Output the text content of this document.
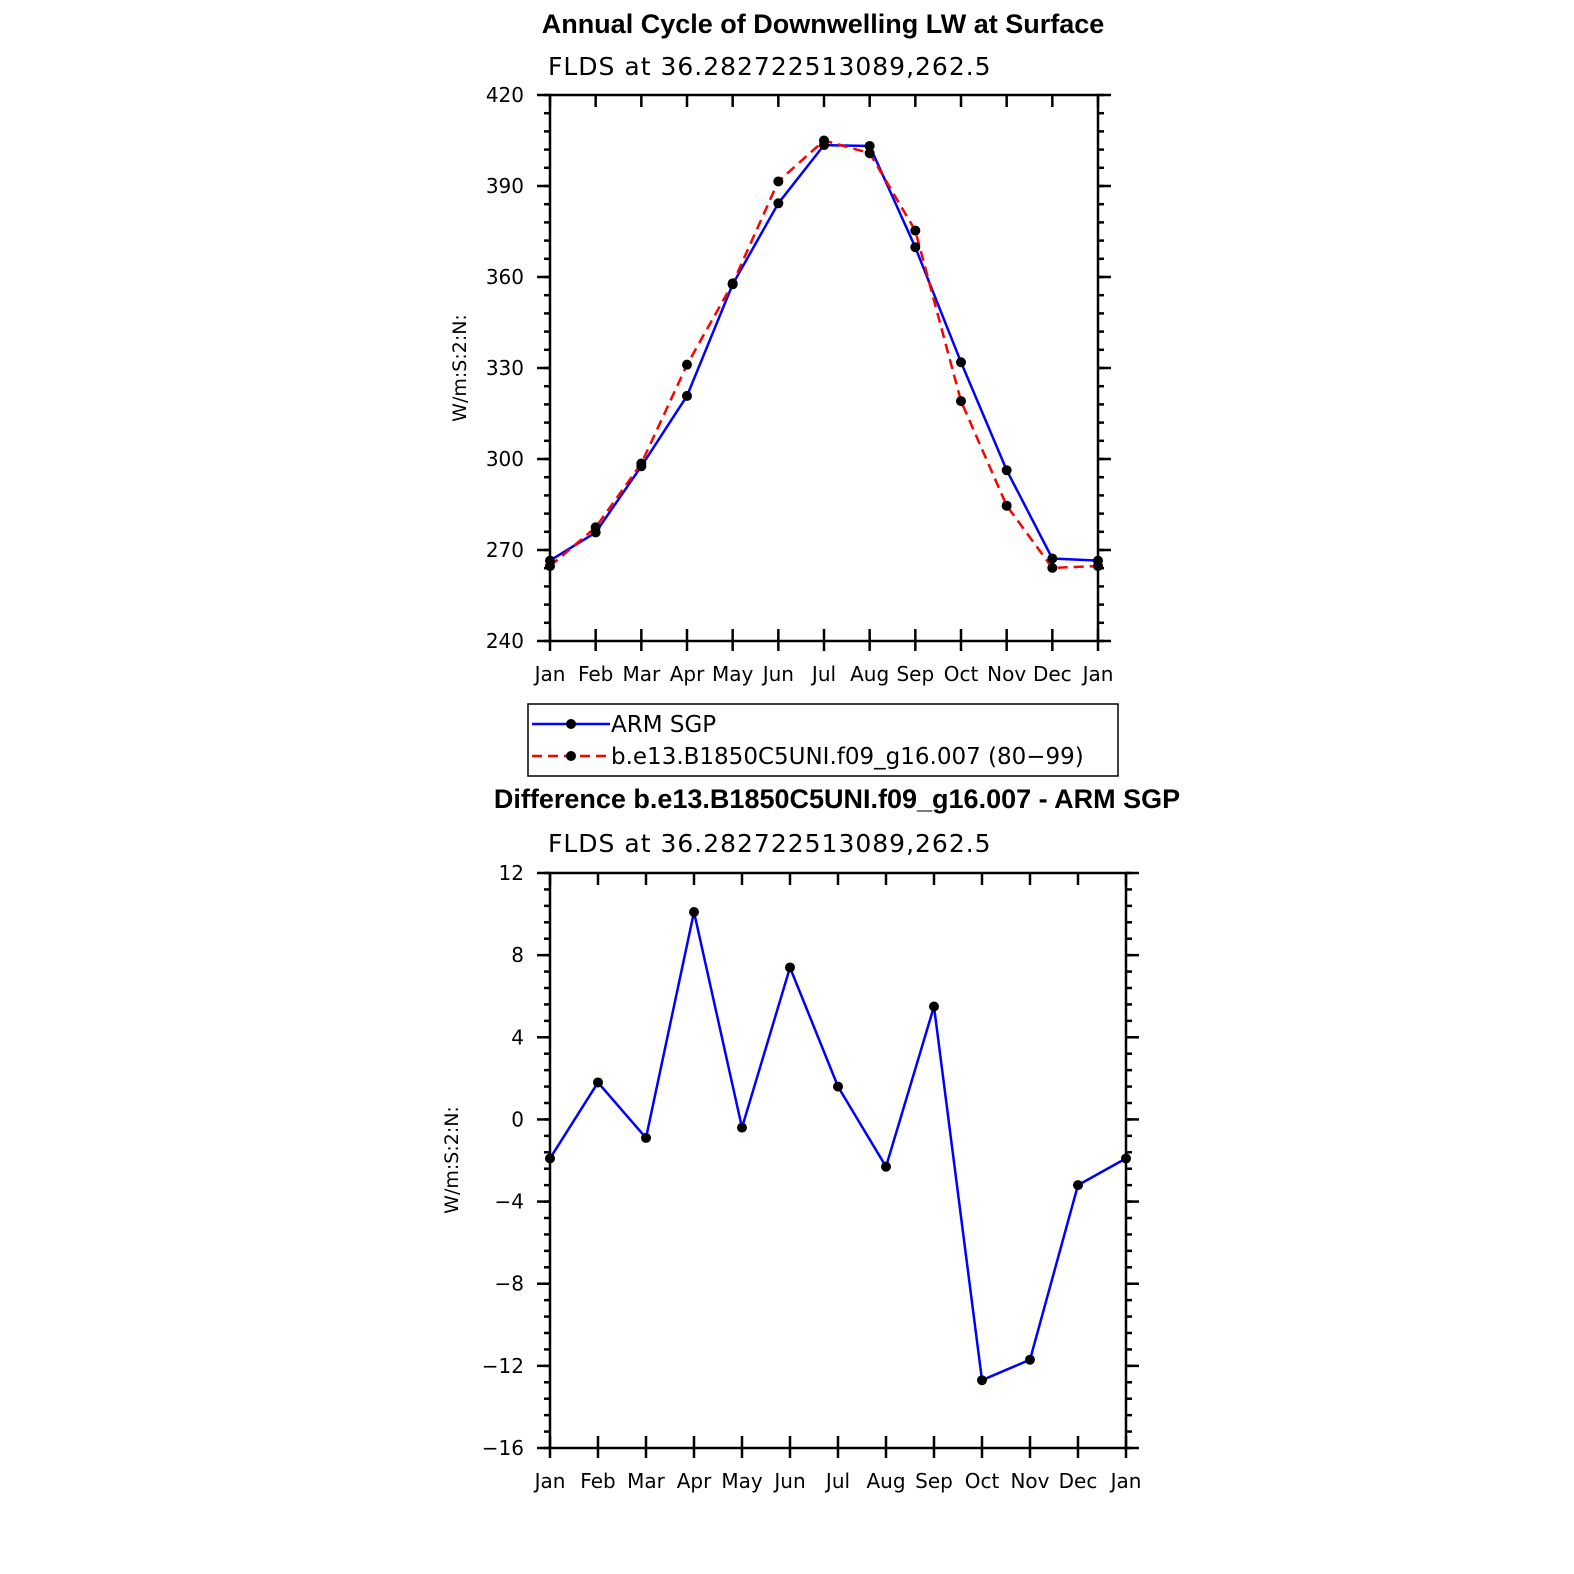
Annual Cycle of Downwelling LW at Surface
FLDS at 36.282722513089,262.5
W/m:S:2:N:
Jan Feb Mar Apr May Jun Jul Aug Sep Oct Nov Dec Jan
240
270
300
330
360
390
420
ARM SGP
b.e13.B1850C5UNI.f09_g16.007 (80−99)
Difference b.e13.B1850C5UNI.f09_g16.007 - ARM SGP
FLDS at 36.282722513089,262.5
W/m:S:2:N:
Jan Feb Mar Apr May Jun Jul Aug Sep Oct Nov Dec Jan
−16
−12
−8
−4
0
4
8
12
